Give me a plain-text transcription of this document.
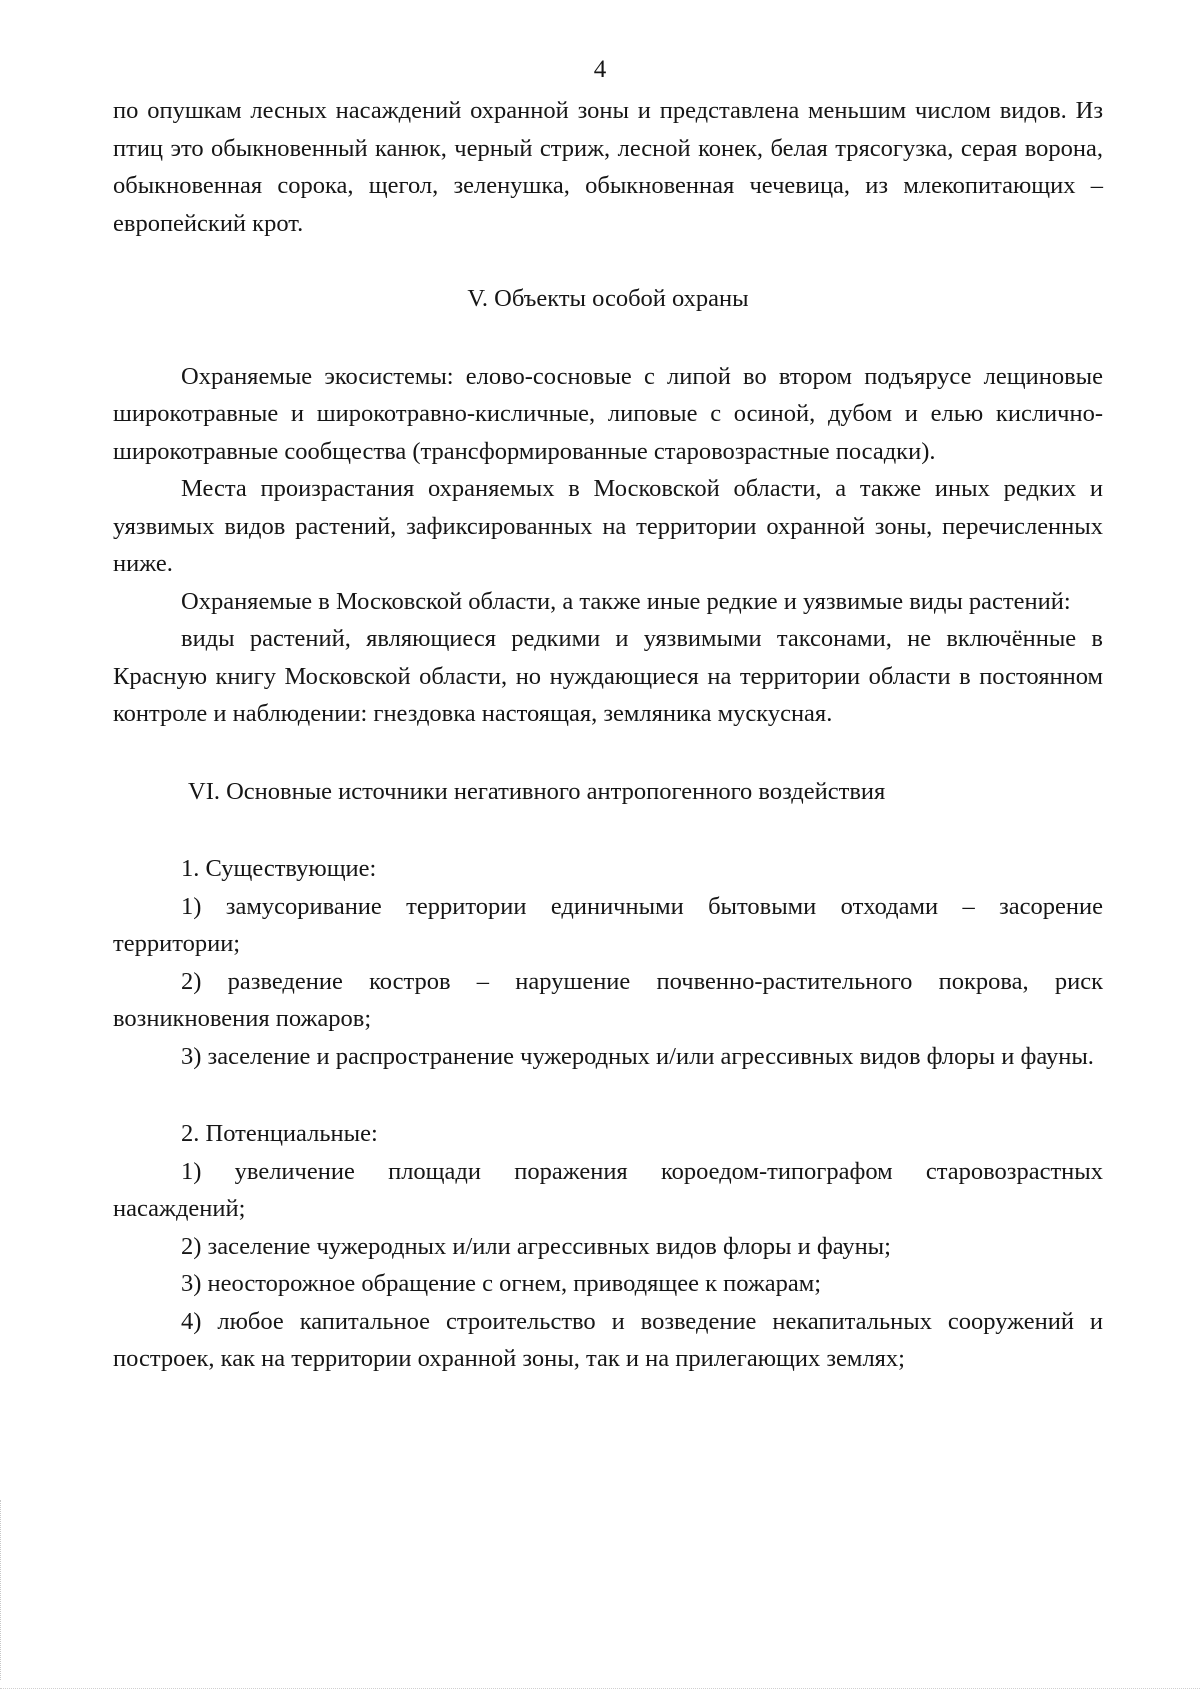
4

по опушкам лесных насаждений охранной зоны и представлена меньшим числом видов. Из птиц это обыкновенный канюк, черный стриж, лесной конек, белая трясогузка, серая ворона, обыкновенная сорока, щегол, зеленушка, обыкновенная чечевица, из млекопитающих – европейский крот.

V. Объекты особой охраны

Охраняемые экосистемы: елово-сосновые с липой во втором подъярусе лещиновые широкотравные и широкотравно-кисличные, липовые с осиной, дубом и елью кислично-широкотравные сообщества (трансформированные старовозрастные посадки).

Места произрастания охраняемых в Московской области, а также иных редких и уязвимых видов растений, зафиксированных на территории охранной зоны, перечисленных ниже.

Охраняемые в Московской области, а также иные редкие и уязвимые виды растений:

виды растений, являющиеся редкими и уязвимыми таксонами, не включённые в Красную книгу Московской области, но нуждающиеся на территории области в постоянном контроле и наблюдении: гнездовка настоящая, земляника мускусная.

VI. Основные источники негативного антропогенного воздействия

1. Существующие:

1) замусоривание территории единичными бытовыми отходами – засорение территории;

2) разведение костров – нарушение почвенно-растительного покрова, риск возникновения пожаров;

3) заселение и распространение чужеродных и/или агрессивных видов флоры и фауны.

2. Потенциальные:

1) увеличение площади поражения короедом-типографом старовозрастных насаждений;

2) заселение чужеродных и/или агрессивных видов флоры и фауны;

3) неосторожное обращение с огнем, приводящее к пожарам;

4) любое капитальное строительство и возведение некапитальных сооружений и построек, как на территории охранной зоны, так и на прилегающих землях;
